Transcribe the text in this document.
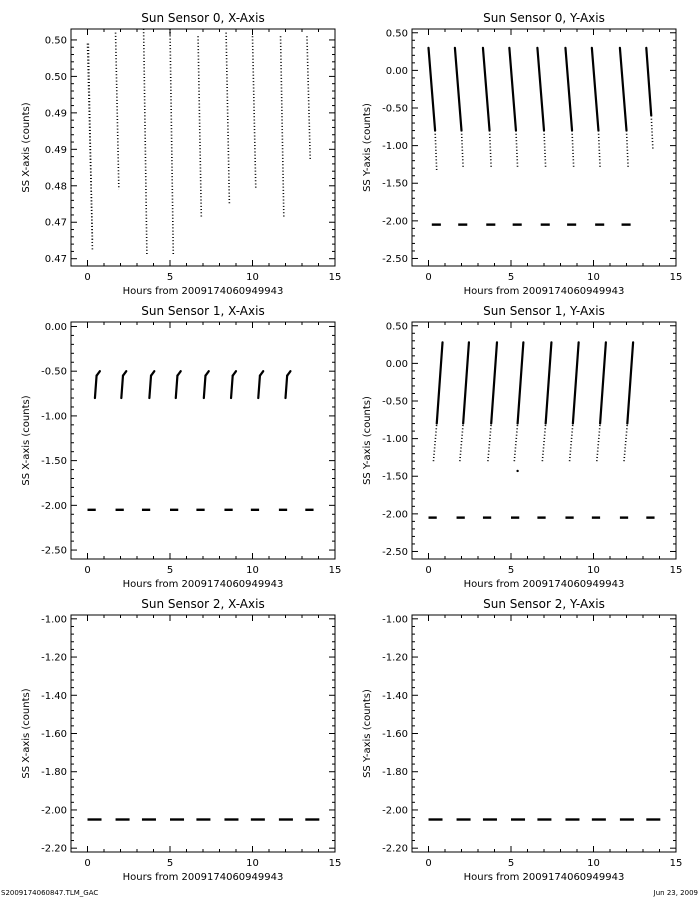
Sun Sensor 0, X-Axis
0	5	10	15
0.47
0.47
0.48
0.49
0.49
0.50
0.50
Hours from 2009174060949943
SS X-axis (counts)
Sun Sensor 0, Y-Axis
0	5	10	15
0.50
0.00
-0.50
-1.00
-1.50
-2.00
-2.50
Hours from 2009174060949943
SS Y-axis (counts)
Sun Sensor 1, X-Axis
0	5	10	15
0.00
-0.50
-1.00
-1.50
-2.00
-2.50
Hours from 2009174060949943
SS X-axis (counts)
Sun Sensor 1, Y-Axis
0	5	10	15
0.50
0.00
-0.50
-1.00
-1.50
-2.00
-2.50
Hours from 2009174060949943
SS Y-axis (counts)
Sun Sensor 2, X-Axis
0	5	10	15
-1.00
-1.20
-1.40
-1.60
-1.80
-2.00
-2.20
Hours from 2009174060949943
SS X-axis (counts)
Sun Sensor 2, Y-Axis
0	5	10	15
-1.00
-1.20
-1.40
-1.60
-1.80
-2.00
-2.20
Hours from 2009174060949943
SS Y-axis (counts)
S2009174060847.TLM_GAC	Jun 23, 2009
